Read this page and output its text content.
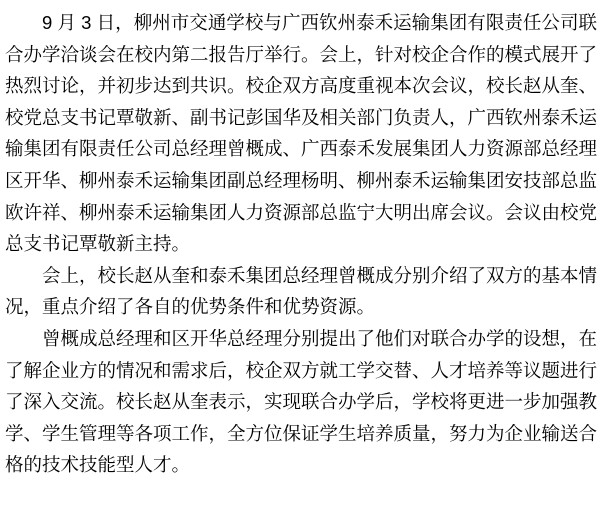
9 月 3 日，柳州市交通学校与广西钦州泰禾运输集团有限责任公司联合办学洽谈会在校内第二报告厅举行。会上，针对校企合作的模式展开了热烈讨论，并初步达到共识。校企双方高度重视本次会议，校长赵从奎、校党总支书记覃敬新、副书记彭国华及相关部门负责人，广西钦州泰禾运输集团有限责任公司总经理曾概成、广西泰禾发展集团人力资源部总经理区开华、柳州泰禾运输集团副总经理杨明、柳州泰禾运输集团安技部总监欧许祥、柳州泰禾运输集团人力资源部总监宁大明出席会议。会议由校党总支书记覃敬新主持。

会上，校长赵从奎和泰禾集团总经理曾概成分别介绍了双方的基本情况，重点介绍了各自的优势条件和优势资源。

曾概成总经理和区开华总经理分别提出了他们对联合办学的设想，在了解企业方的情况和需求后，校企双方就工学交替、人才培养等议题进行了深入交流。校长赵从奎表示，实现联合办学后，学校将更进一步加强教学、学生管理等各项工作，全方位保证学生培养质量，努力为企业输送合格的技术技能型人才。
